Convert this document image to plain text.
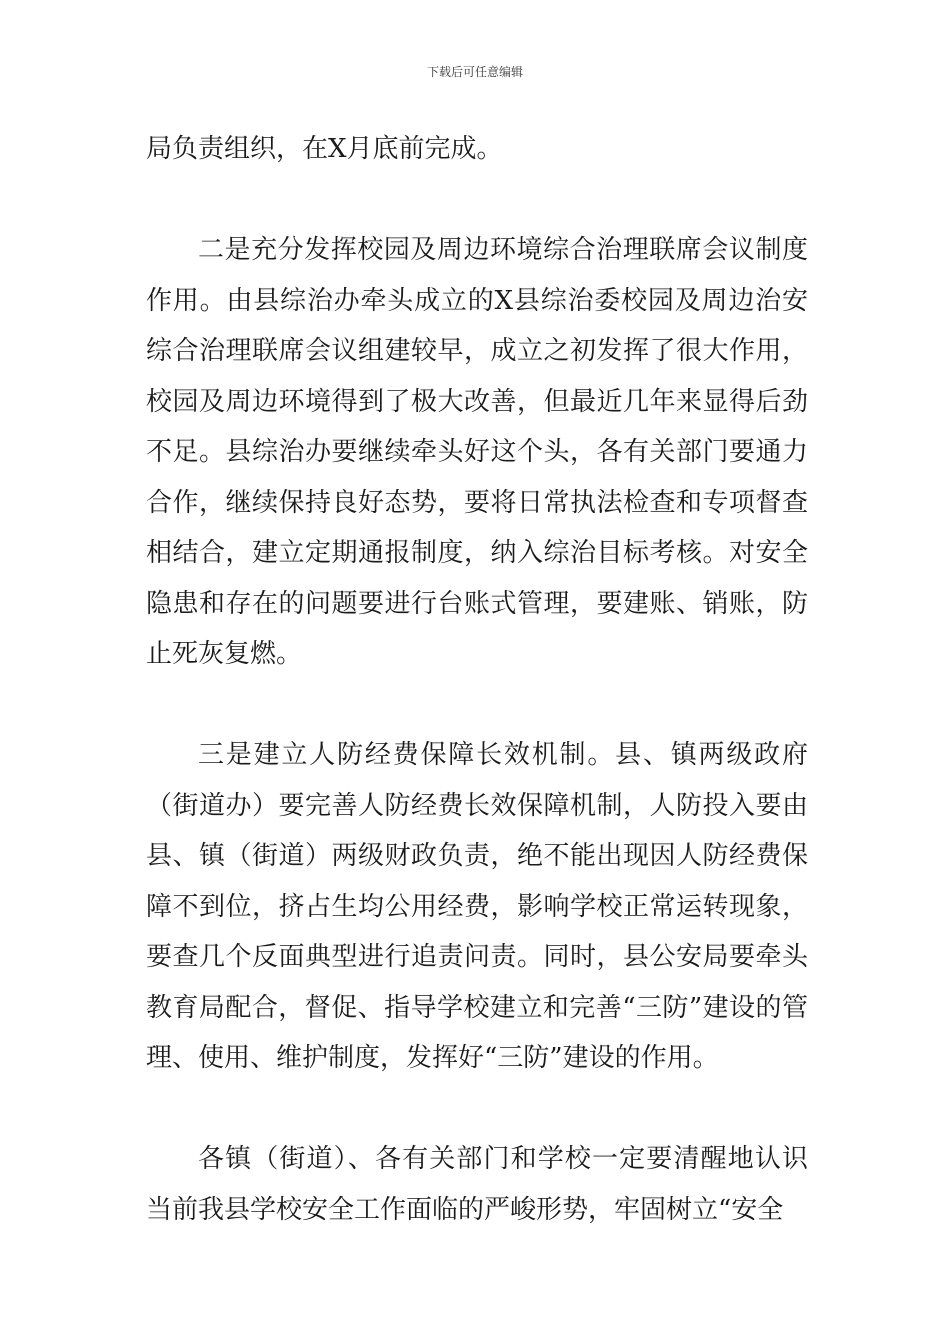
下载后可任意编辑

局负责组织，在X月底前完成。

二是充分发挥校园及周边环境综合治理联席会议制度作用。由县综治办牵头成立的X县综治委校园及周边治安综合治理联席会议组建较早，成立之初发挥了很大作用，校园及周边环境得到了极大改善，但最近几年来显得后劲不足。县综治办要继续牵头好这个头，各有关部门要通力合作，继续保持良好态势，要将日常执法检查和专项督查相结合，建立定期通报制度，纳入综治目标考核。对安全隐患和存在的问题要进行台账式管理，要建账、销账，防止死灰复燃。

三是建立人防经费保障长效机制。县、镇两级政府（街道办）要完善人防经费长效保障机制，人防投入要由县、镇（街道）两级财政负责，绝不能出现因人防经费保障不到位，挤占生均公用经费，影响学校正常运转现象，要查几个反面典型进行追责问责。同时，县公安局要牵头教育局配合，督促、指导学校建立和完善“三防”建设的管理、使用、维护制度，发挥好“三防”建设的作用。

各镇（街道）、各有关部门和学校一定要清醒地认识当前我县学校安全工作面临的严峻形势，牢固树立“安全
